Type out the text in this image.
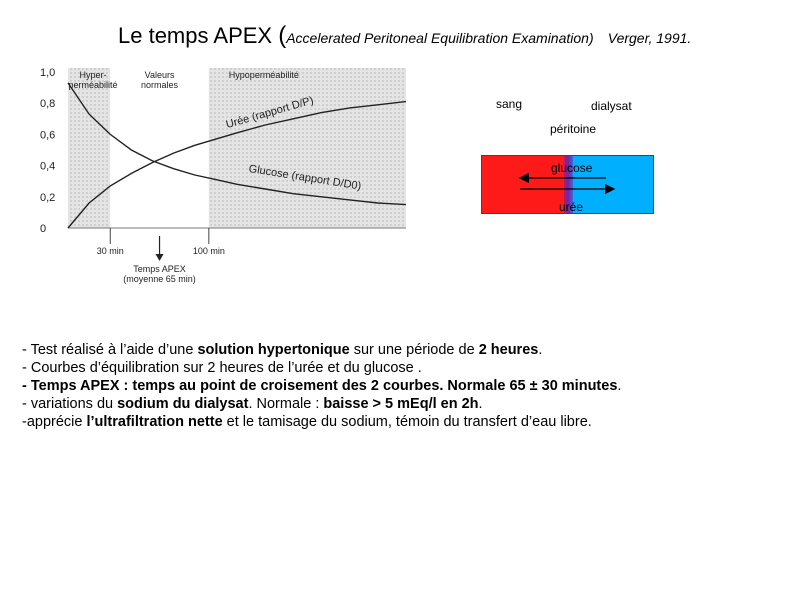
Le temps APEX (Accelerated Peritoneal Equilibration Examination) Verger, 1991.
1,0
0,8
0,6
0,4
0,2
0
30 min	100 min
Hyper-perméabilité
Valeurs normales
Hypoperméabilité
Urée (rapport D/P)
Glucose (rapport D/D0)
Temps APEX (moyenne 65 min)
sang	dialysat
péritoine
glucose
urée
- Test réalisé à l’aide d’une solution hypertonique sur une période de 2 heures.
- Courbes d’équilibration sur 2 heures de l’urée et du glucose .
- Temps APEX : temps au point de croisement des 2 courbes. Normale 65 ± 30 minutes.
- variations du sodium du dialysat. Normale : baisse > 5 mEq/l en 2h.
-apprécie l’ultrafiltration nette et le tamisage du sodium, témoin du transfert d’eau libre.
